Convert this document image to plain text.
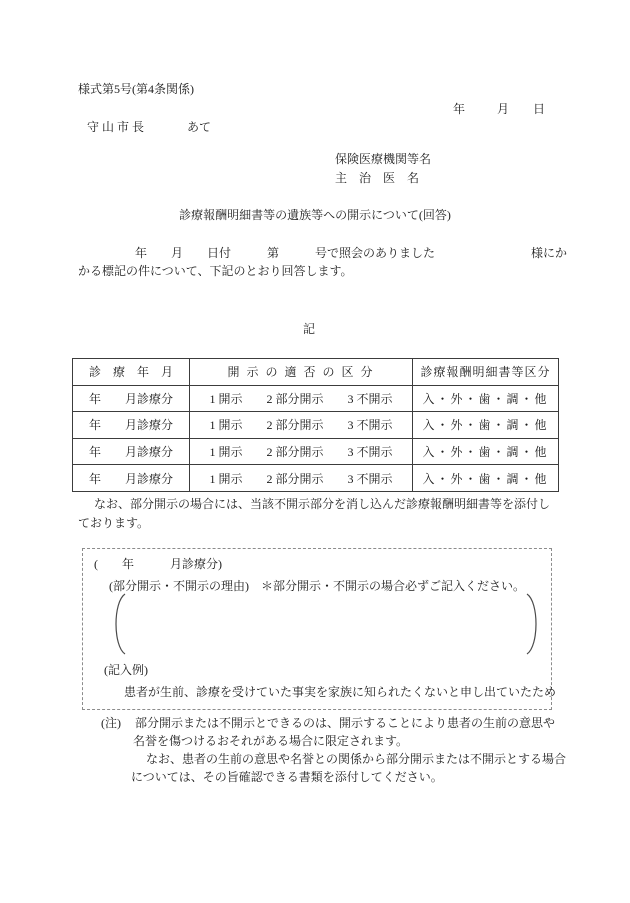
様式第5号(第4条関係)
年	月 日
守 山 市 長	あて
保険医療機関等名
主　治　医　名
診療報酬明細書等の遺族等への開示について(回答)
年　　月　　日付　　　第　　　号で照会のありました　　　　　　　　様にか
かる標記の件について、下記のとおり回答します。
記
診　療　年　月	開 示 の 適 否 の 区 分	診療報酬明細書等区分
年　　月診療分	1 開示　　2 部分開示　　3 不開示	入・外・歯・調・他
年　　月診療分	1 開示　　2 部分開示　　3 不開示	入・外・歯・調・他
年　　月診療分	1 開示　　2 部分開示　　3 不開示	入・外・歯・調・他
年　　月診療分	1 開示　　2 部分開示　　3 不開示	入・外・歯・調・他
なお、部分開示の場合には、当該不開示部分を消し込んだ診療報酬明細書等を添付し
ております。
(　　年　　　月診療分)
(部分開示・不開示の理由) ＊部分開示・不開示の場合必ずご記入ください。
(記入例)
患者が生前、診療を受けていた事実を家族に知られたくないと申し出ていたため
(注) 部分開示または不開示とできるのは、開示することにより患者の生前の意思や
名誉を傷つけるおそれがある場合に限定されます。
なお、患者の生前の意思や名誉との関係から部分開示または不開示とする場合
については、その旨確認できる書類を添付してください。
